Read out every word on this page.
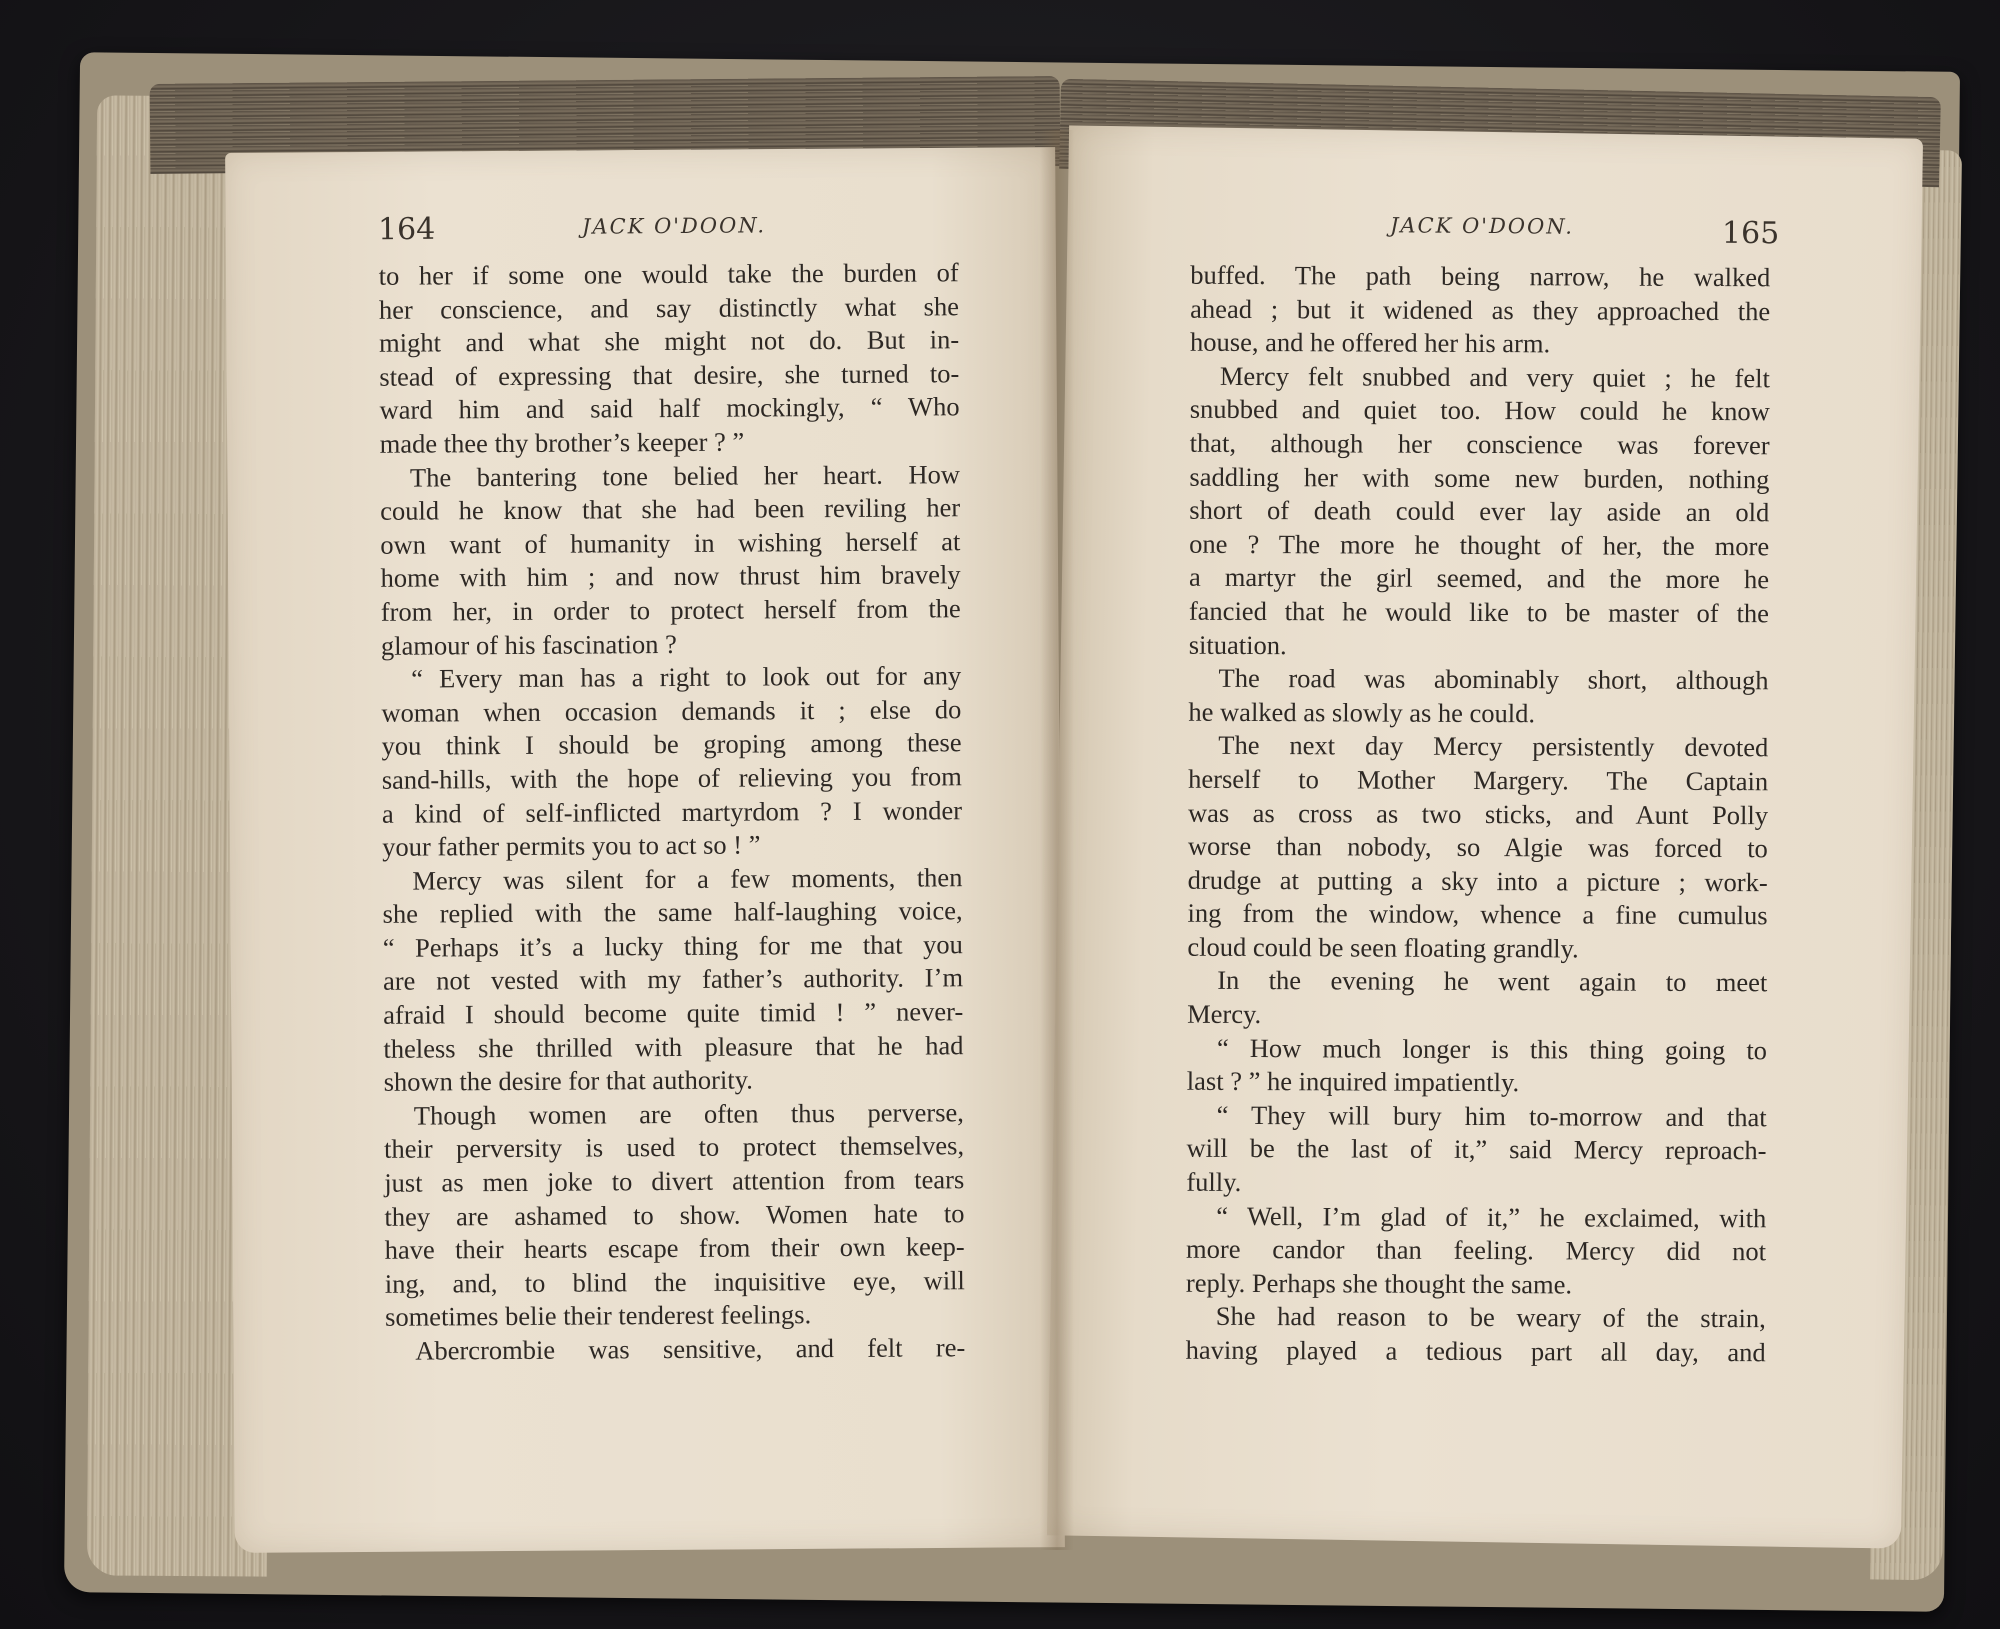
164	JACK O'DOON.	JACK O'DOON.	165
to her if some one would take the burden of
her conscience, and say distinctly what she
might and what she might not do. But in-
stead of expressing that desire, she turned to-
ward him and said half mockingly, “ Who
made thee thy brother’s keeper ? ”
The bantering tone belied her heart. How
could he know that she had been reviling her
own want of humanity in wishing herself at
home with him ; and now thrust him bravely
from her, in order to protect herself from the
glamour of his fascination ?
“ Every man has a right to look out for any
woman when occasion demands it ; else do
you think I should be groping among these
sand-hills, with the hope of relieving you from
a kind of self-inflicted martyrdom ? I wonder
your father permits you to act so ! ”
Mercy was silent for a few moments, then
she replied with the same half-laughing voice,
“ Perhaps it’s a lucky thing for me that you
are not vested with my father’s authority. I’m
afraid I should become quite timid ! ” never-
theless she thrilled with pleasure that he had
shown the desire for that authority.
Though women are often thus perverse,
their perversity is used to protect themselves,
just as men joke to divert attention from tears
they are ashamed to show. Women hate to
have their hearts escape from their own keep-
ing, and, to blind the inquisitive eye, will
sometimes belie their tenderest feelings.
Abercrombie was sensitive, and felt re-
buffed. The path being narrow, he walked
ahead ; but it widened as they approached the
house, and he offered her his arm.
Mercy felt snubbed and very quiet ; he felt
snubbed and quiet too. How could he know
that, although her conscience was forever
saddling her with some new burden, nothing
short of death could ever lay aside an old
one ? The more he thought of her, the more
a martyr the girl seemed, and the more he
fancied that he would like to be master of the
situation.
The road was abominably short, although
he walked as slowly as he could.
The next day Mercy persistently devoted
herself to Mother Margery. The Captain
was as cross as two sticks, and Aunt Polly
worse than nobody, so Algie was forced to
drudge at putting a sky into a picture ; work-
ing from the window, whence a fine cumulus
cloud could be seen floating grandly.
In the evening he went again to meet
Mercy.
“ How much longer is this thing going to
last ? ” he inquired impatiently.
“ They will bury him to-morrow and that
will be the last of it,” said Mercy reproach-
fully.
“ Well, I’m glad of it,” he exclaimed, with
more candor than feeling. Mercy did not
reply. Perhaps she thought the same.
She had reason to be weary of the strain,
having played a tedious part all day, and
